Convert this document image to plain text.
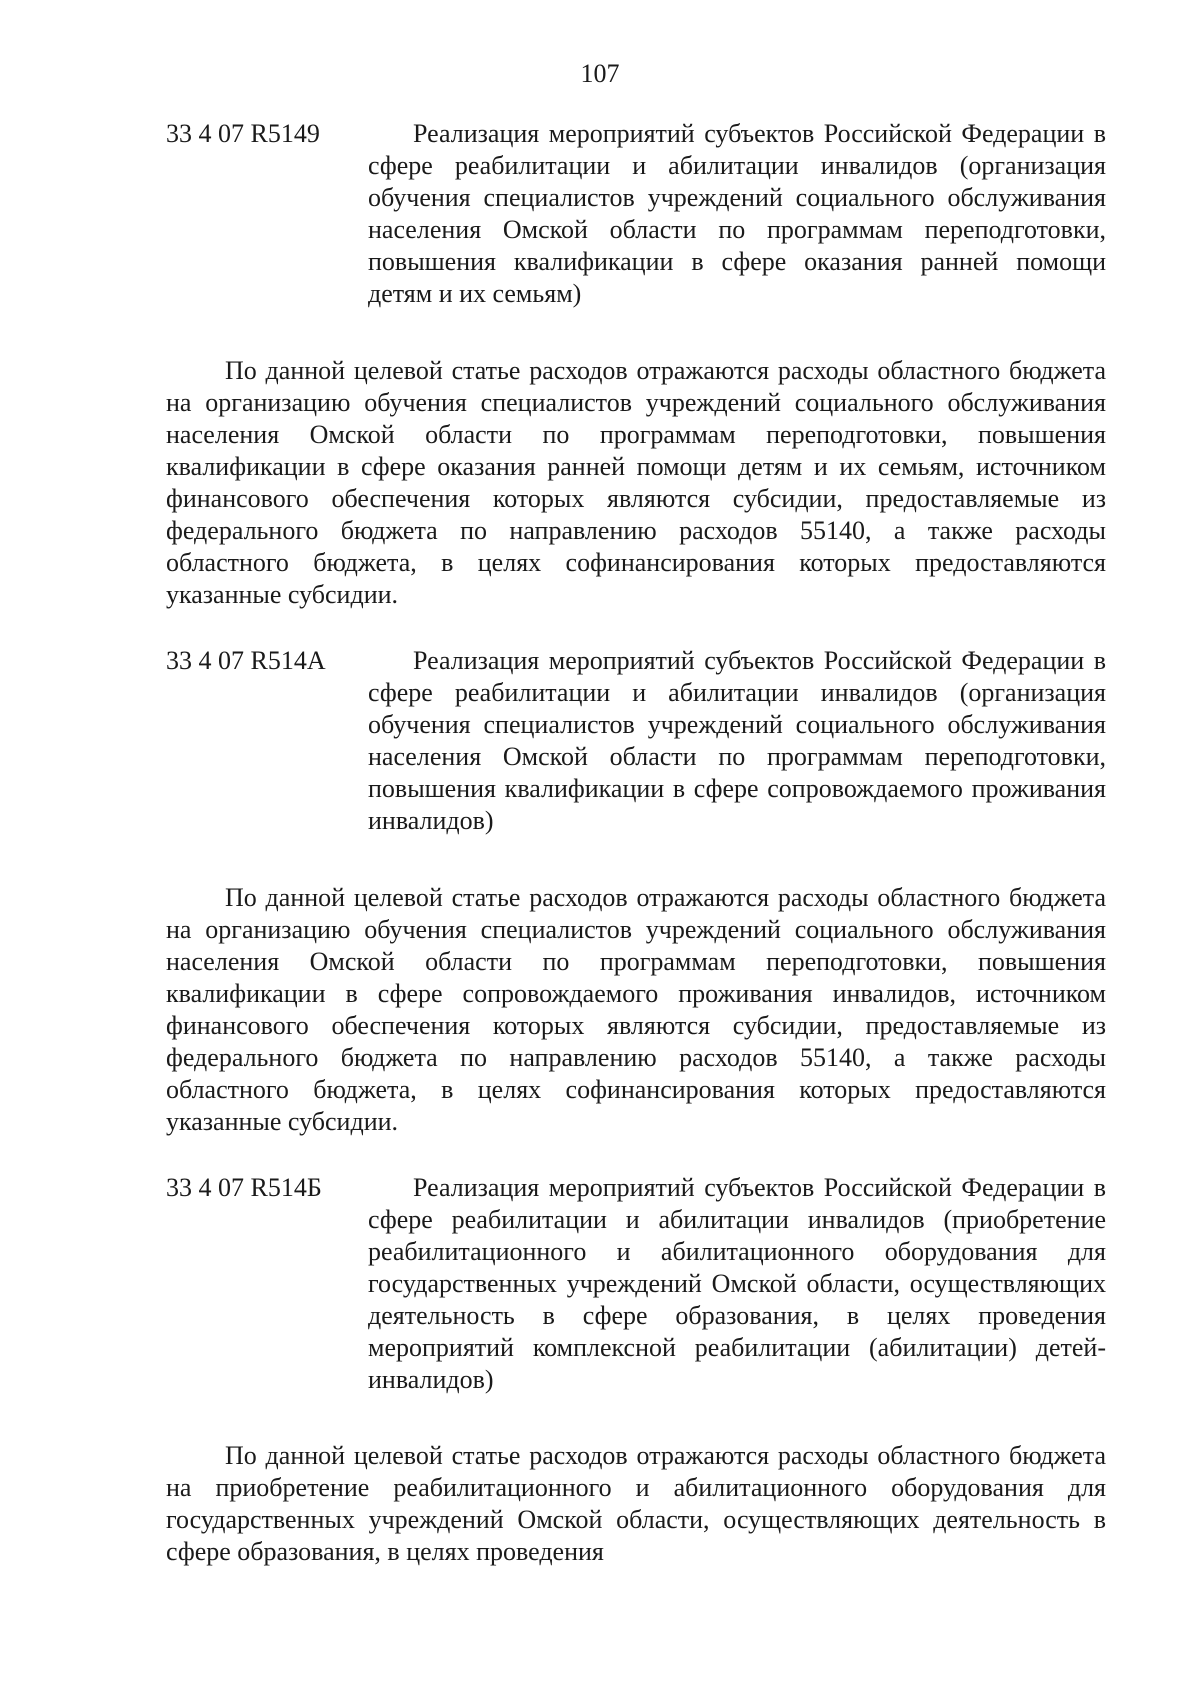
107
33 4 07 R5149	Реализация мероприятий субъектов Российской Федерации в сфере реабилитации и абилитации инвалидов (организация обучения специалистов учреждений социального обслуживания населения Омской области по программам переподготовки, повышения квалификации в сфере оказания ранней помощи детям и их семьям)

По данной целевой статье расходов отражаются расходы областного бюджета на организацию обучения специалистов учреждений социального обслуживания населения Омской области по программам переподготовки, повышения квалификации в сфере оказания ранней помощи детям и их семьям, источником финансового обеспечения которых являются субсидии, предоставляемые из федерального бюджета по направлению расходов 55140, а также расходы областного бюджета, в целях софинансирования которых предоставляются указанные субсидии.

33 4 07 R514А	Реализация мероприятий субъектов Российской Федерации в сфере реабилитации и абилитации инвалидов (организация обучения специалистов учреждений социального обслуживания населения Омской области по программам переподготовки, повышения квалификации в сфере сопровождаемого проживания инвалидов)

По данной целевой статье расходов отражаются расходы областного бюджета на организацию обучения специалистов учреждений социального обслуживания населения Омской области по программам переподготовки, повышения квалификации в сфере сопровождаемого проживания инвалидов, источником финансового обеспечения которых являются субсидии, предоставляемые из федерального бюджета по направлению расходов 55140, а также расходы областного бюджета, в целях софинансирования которых предоставляются указанные субсидии.

33 4 07 R514Б	Реализация мероприятий субъектов Российской Федерации в сфере реабилитации и абилитации инвалидов (приобретение реабилитационного и абилитационного оборудования для государственных учреждений Омской области, осуществляющих деятельность в сфере образования, в целях проведения мероприятий комплексной реабилитации (абилитации) детей-инвалидов)

По данной целевой статье расходов отражаются расходы областного бюджета на приобретение реабилитационного и абилитационного оборудования для государственных учреждений Омской области, осуществляющих деятельность в сфере образования, в целях проведения
